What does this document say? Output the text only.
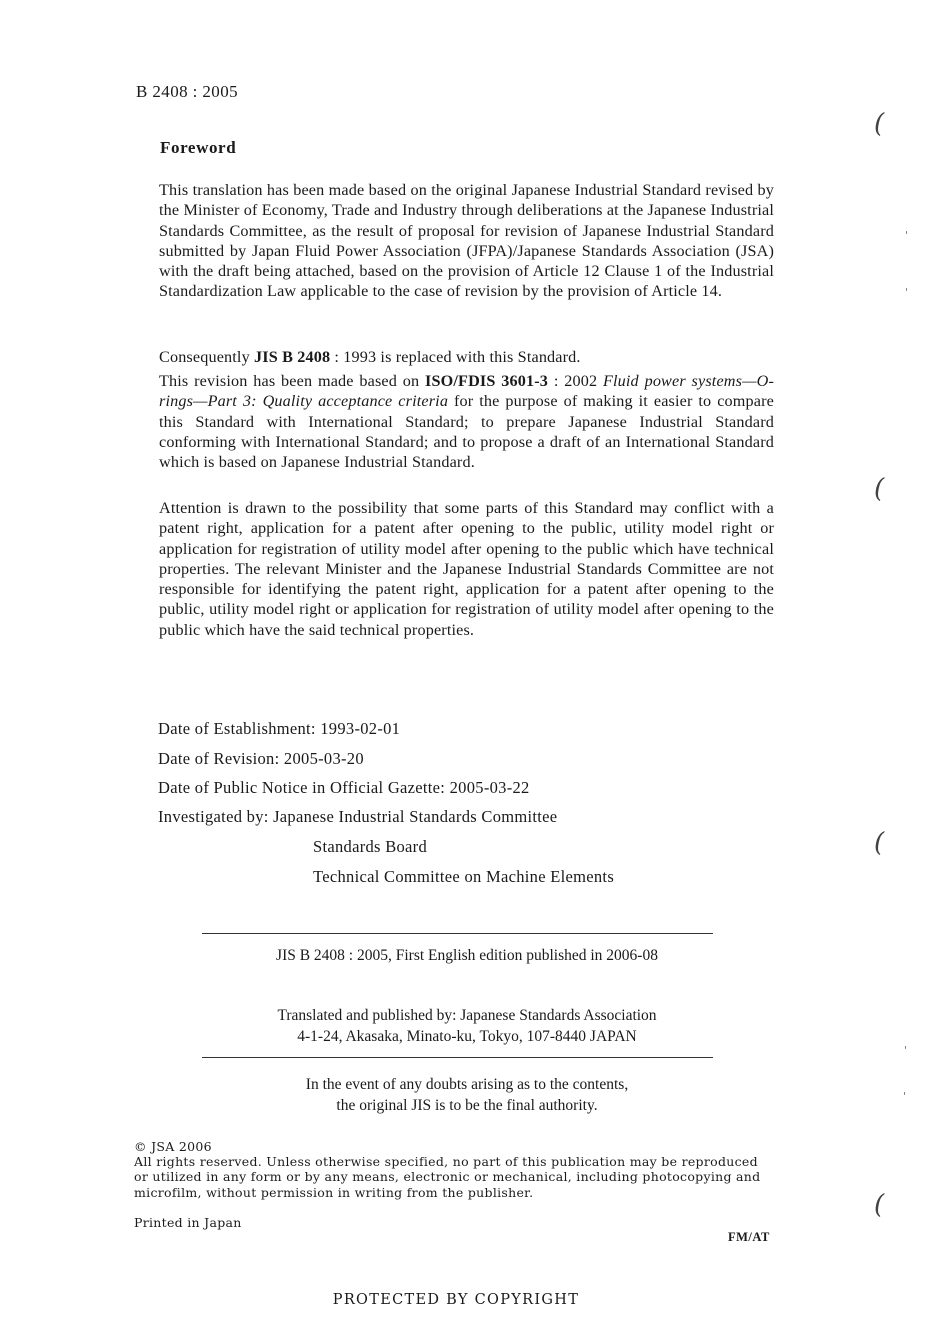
B 2408 : 2005
Foreword
This translation has been made based on the original Japanese Industrial Standard revised by the Minister of Economy, Trade and Industry through deliberations at the Japanese Industrial Standards Committee, as the result of proposal for revision of Japanese Industrial Standard submitted by Japan Fluid Power Association (JFPA)/Japanese Standards Association (JSA) with the draft being attached, based on the provision of Article 12 Clause 1 of the Industrial Standardization Law applicable to the case of revision by the provision of Article 14.
Consequently JIS B 2408 : 1993 is replaced with this Standard.
This revision has been made based on ISO/FDIS 3601-3 : 2002 Fluid power systems—O-rings—Part 3: Quality acceptance criteria for the purpose of making it easier to compare this Standard with International Standard; to prepare Japanese Industrial Standard conforming with International Standard; and to propose a draft of an International Standard which is based on Japanese Industrial Standard.
Attention is drawn to the possibility that some parts of this Standard may conflict with a patent right, application for a patent after opening to the public, utility model right or application for registration of utility model after opening to the public which have technical properties. The relevant Minister and the Japanese Industrial Standards Committee are not responsible for identifying the patent right, application for a patent after opening to the public, utility model right or application for registration of utility model after opening to the public which have the said technical properties.
Date of Establishment: 1993-02-01
Date of Revision: 2005-03-20
Date of Public Notice in Official Gazette: 2005-03-22
Investigated by: Japanese Industrial Standards Committee
Standards Board
Technical Committee on Machine Elements
JIS B 2408 : 2005, First English edition published in 2006-08
Translated and published by: Japanese Standards Association
4-1-24, Akasaka, Minato-ku, Tokyo, 107-8440 JAPAN
In the event of any doubts arising as to the contents,
the original JIS is to be the final authority.
© JSA 2006
All rights reserved. Unless otherwise specified, no part of this publication may be reproduced or utilized in any form or by any means, electronic or mechanical, including photocopying and microfilm, without permission in writing from the publisher.
Printed in Japan
FM/AT
PROTECTED BY COPYRIGHT
(
(
(
(
'
'
'
'
